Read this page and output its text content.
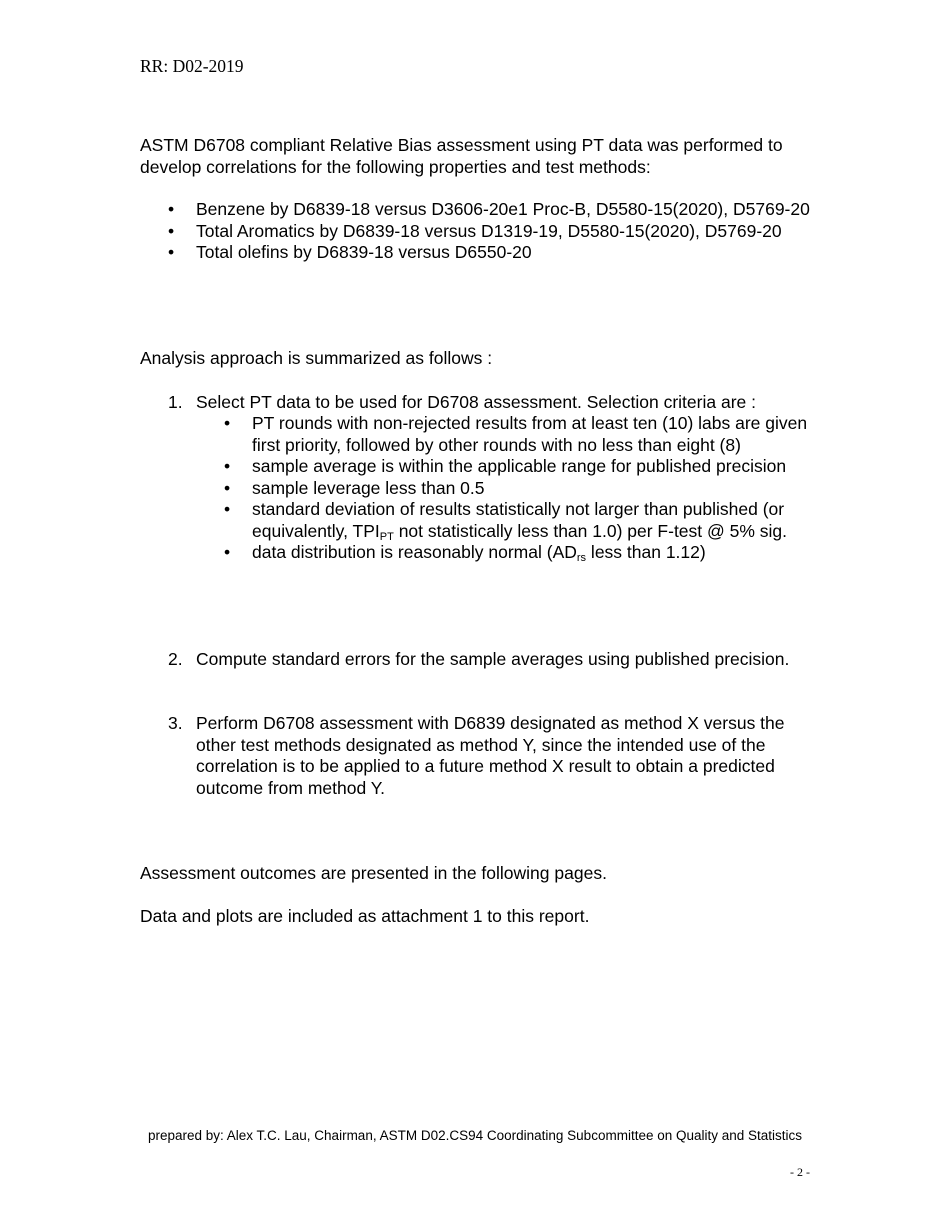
RR: D02-2019

ASTM D6708 compliant Relative Bias assessment using PT data was performed to develop correlations for the following properties and test methods:

• Benzene by D6839-18 versus D3606-20e1 Proc-B, D5580-15(2020), D5769-20
• Total Aromatics by D6839-18 versus D1319-19, D5580-15(2020), D5769-20
• Total olefins by D6839-18 versus D6550-20

Analysis approach is summarized as follows :

1. Select PT data to be used for D6708 assessment. Selection criteria are :
• PT rounds with non-rejected results from at least ten (10) labs are given first priority, followed by other rounds with no less than eight (8)
• sample average is within the applicable range for published precision
• sample leverage less than 0.5
• standard deviation of results statistically not larger than published (or equivalently, $TPI_{PT}$ not statistically less than 1.0) per F-test @ 5% sig.
• data distribution is reasonably normal ($AD_{rs}$ less than 1.12)
2. Compute standard errors for the sample averages using published precision.
3. Perform D6708 assessment with D6839 designated as method X versus the other test methods designated as method Y, since the intended use of the correlation is to be applied to a future method X result to obtain a predicted outcome from method Y.

Assessment outcomes are presented in the following pages.

Data and plots are included as attachment 1 to this report.

prepared by: Alex T.C. Lau, Chairman, ASTM D02.CS94 Coordinating Subcommittee on Quality and Statistics
- 2 -
